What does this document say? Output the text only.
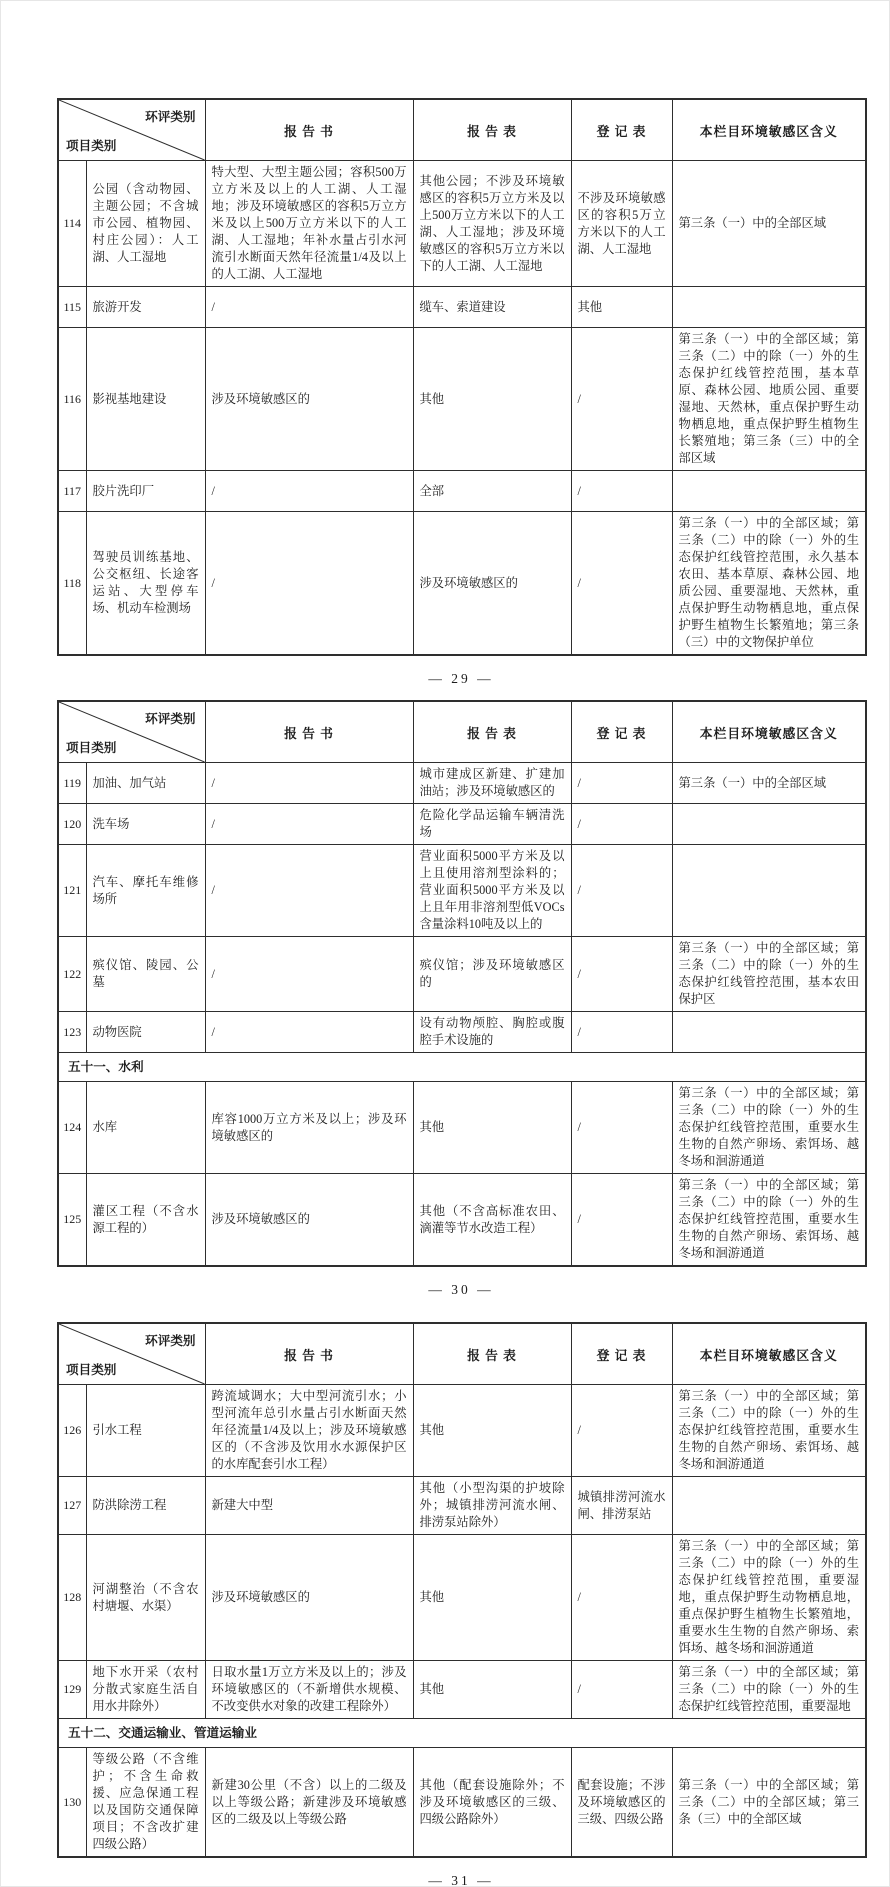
环评类别
项目类别		报 告 书	报 告 表	登 记 表	本栏目环境敏感区含义
114	公园（含动物园、主题公园；不含城市公园、植物园、村庄公园）：人工湖、人工湿地	特大型、大型主题公园；容积500万立方米及以上的人工湖、人工湿地；涉及环境敏感区的容积5万立方米及以上500万立方米以下的人工湖、人工湿地；年补水量占引水河流引水断面天然年径流量1/4及以上的人工湖、人工湿地	其他公园；不涉及环境敏感区的容积5万立方米及以上500万立方米以下的人工湖、人工湿地；涉及环境敏感区的容积5万立方米以下的人工湖、人工湿地	不涉及环境敏感区的容积5万立方米以下的人工湖、人工湿地	第三条（一）中的全部区域
115	旅游开发	/	缆车、索道建设	其他	
116	影视基地建设	涉及环境敏感区的	其他	/	第三条（一）中的全部区域；第三条（二）中的除（一）外的生态保护红线管控范围，基本草原、森林公园、地质公园、重要湿地、天然林，重点保护野生动物栖息地，重点保护野生植物生长繁殖地；第三条（三）中的全部区域
117	胶片洗印厂	/	全部	/	
118	驾驶员训练基地、公交枢纽、长途客运站、大型停车场、机动车检测场	/	涉及环境敏感区的	/	第三条（一）中的全部区域；第三条（二）中的除（一）外的生态保护红线管控范围，永久基本农田、基本草原、森林公园、地质公园、重要湿地、天然林，重点保护野生动物栖息地，重点保护野生植物生长繁殖地；第三条（三）中的文物保护单位
— 29 —
环评类别
项目类别		报 告 书	报 告 表	登 记 表	本栏目环境敏感区含义
119	加油、加气站	/	城市建成区新建、扩建加油站；涉及环境敏感区的	/	第三条（一）中的全部区域
120	洗车场	/	危险化学品运输车辆清洗场	/	
121	汽车、摩托车维修场所	/	营业面积5000平方米及以上且使用溶剂型涂料的；营业面积5000平方米及以上且年用非溶剂型低VOCs含量涂料10吨及以上的	/	
122	殡仪馆、陵园、公墓	/	殡仪馆；涉及环境敏感区的	/	第三条（一）中的全部区域；第三条（二）中的除（一）外的生态保护红线管控范围，基本农田保护区
123	动物医院	/	设有动物颅腔、胸腔或腹腔手术设施的	/	
五十一、水利					
124	水库	库容1000万立方米及以上；涉及环境敏感区的	其他	/	第三条（一）中的全部区域；第三条（二）中的除（一）外的生态保护红线管控范围，重要水生生物的自然产卵场、索饵场、越冬场和洄游通道
125	灌区工程（不含水源工程的）	涉及环境敏感区的	其他（不含高标准农田、滴灌等节水改造工程）	/	第三条（一）中的全部区域；第三条（二）中的除（一）外的生态保护红线管控范围，重要水生生物的自然产卵场、索饵场、越冬场和洄游通道
— 30 —
环评类别
项目类别		报 告 书	报 告 表	登 记 表	本栏目环境敏感区含义
126	引水工程	跨流域调水；大中型河流引水；小型河流年总引水量占引水断面天然年径流量1/4及以上；涉及环境敏感区的（不含涉及饮用水水源保护区的水库配套引水工程）	其他	/	第三条（一）中的全部区域；第三条（二）中的除（一）外的生态保护红线管控范围，重要水生生物的自然产卵场、索饵场、越冬场和洄游通道
127	防洪除涝工程	新建大中型	其他（小型沟渠的护坡除外；城镇排涝河流水闸、排涝泵站除外）	城镇排涝河流水闸、排涝泵站	
128	河湖整治（不含农村塘堰、水渠）	涉及环境敏感区的	其他	/	第三条（一）中的全部区域；第三条（二）中的除（一）外的生态保护红线管控范围，重要湿地，重点保护野生动物栖息地，重点保护野生植物生长繁殖地，重要水生生物的自然产卵场、索饵场、越冬场和洄游通道
129	地下水开采（农村分散式家庭生活自用水井除外）	日取水量1万立方米及以上的；涉及环境敏感区的（不新增供水规模、不改变供水对象的改建工程除外）	其他	/	第三条（一）中的全部区域；第三条（二）中的除（一）外的生态保护红线管控范围，重要湿地
五十二、交通运输业、管道运输业					
130	等级公路（不含维护；不含生命救援、应急保通工程以及国防交通保障项目；不含改扩建四级公路）	新建30公里（不含）以上的二级及以上等级公路；新建涉及环境敏感区的二级及以上等级公路	其他（配套设施除外；不涉及环境敏感区的三级、四级公路除外）	配套设施；不涉及环境敏感区的三级、四级公路	第三条（一）中的全部区域；第三条（二）中的全部区域；第三条（三）中的全部区域
— 31 —
